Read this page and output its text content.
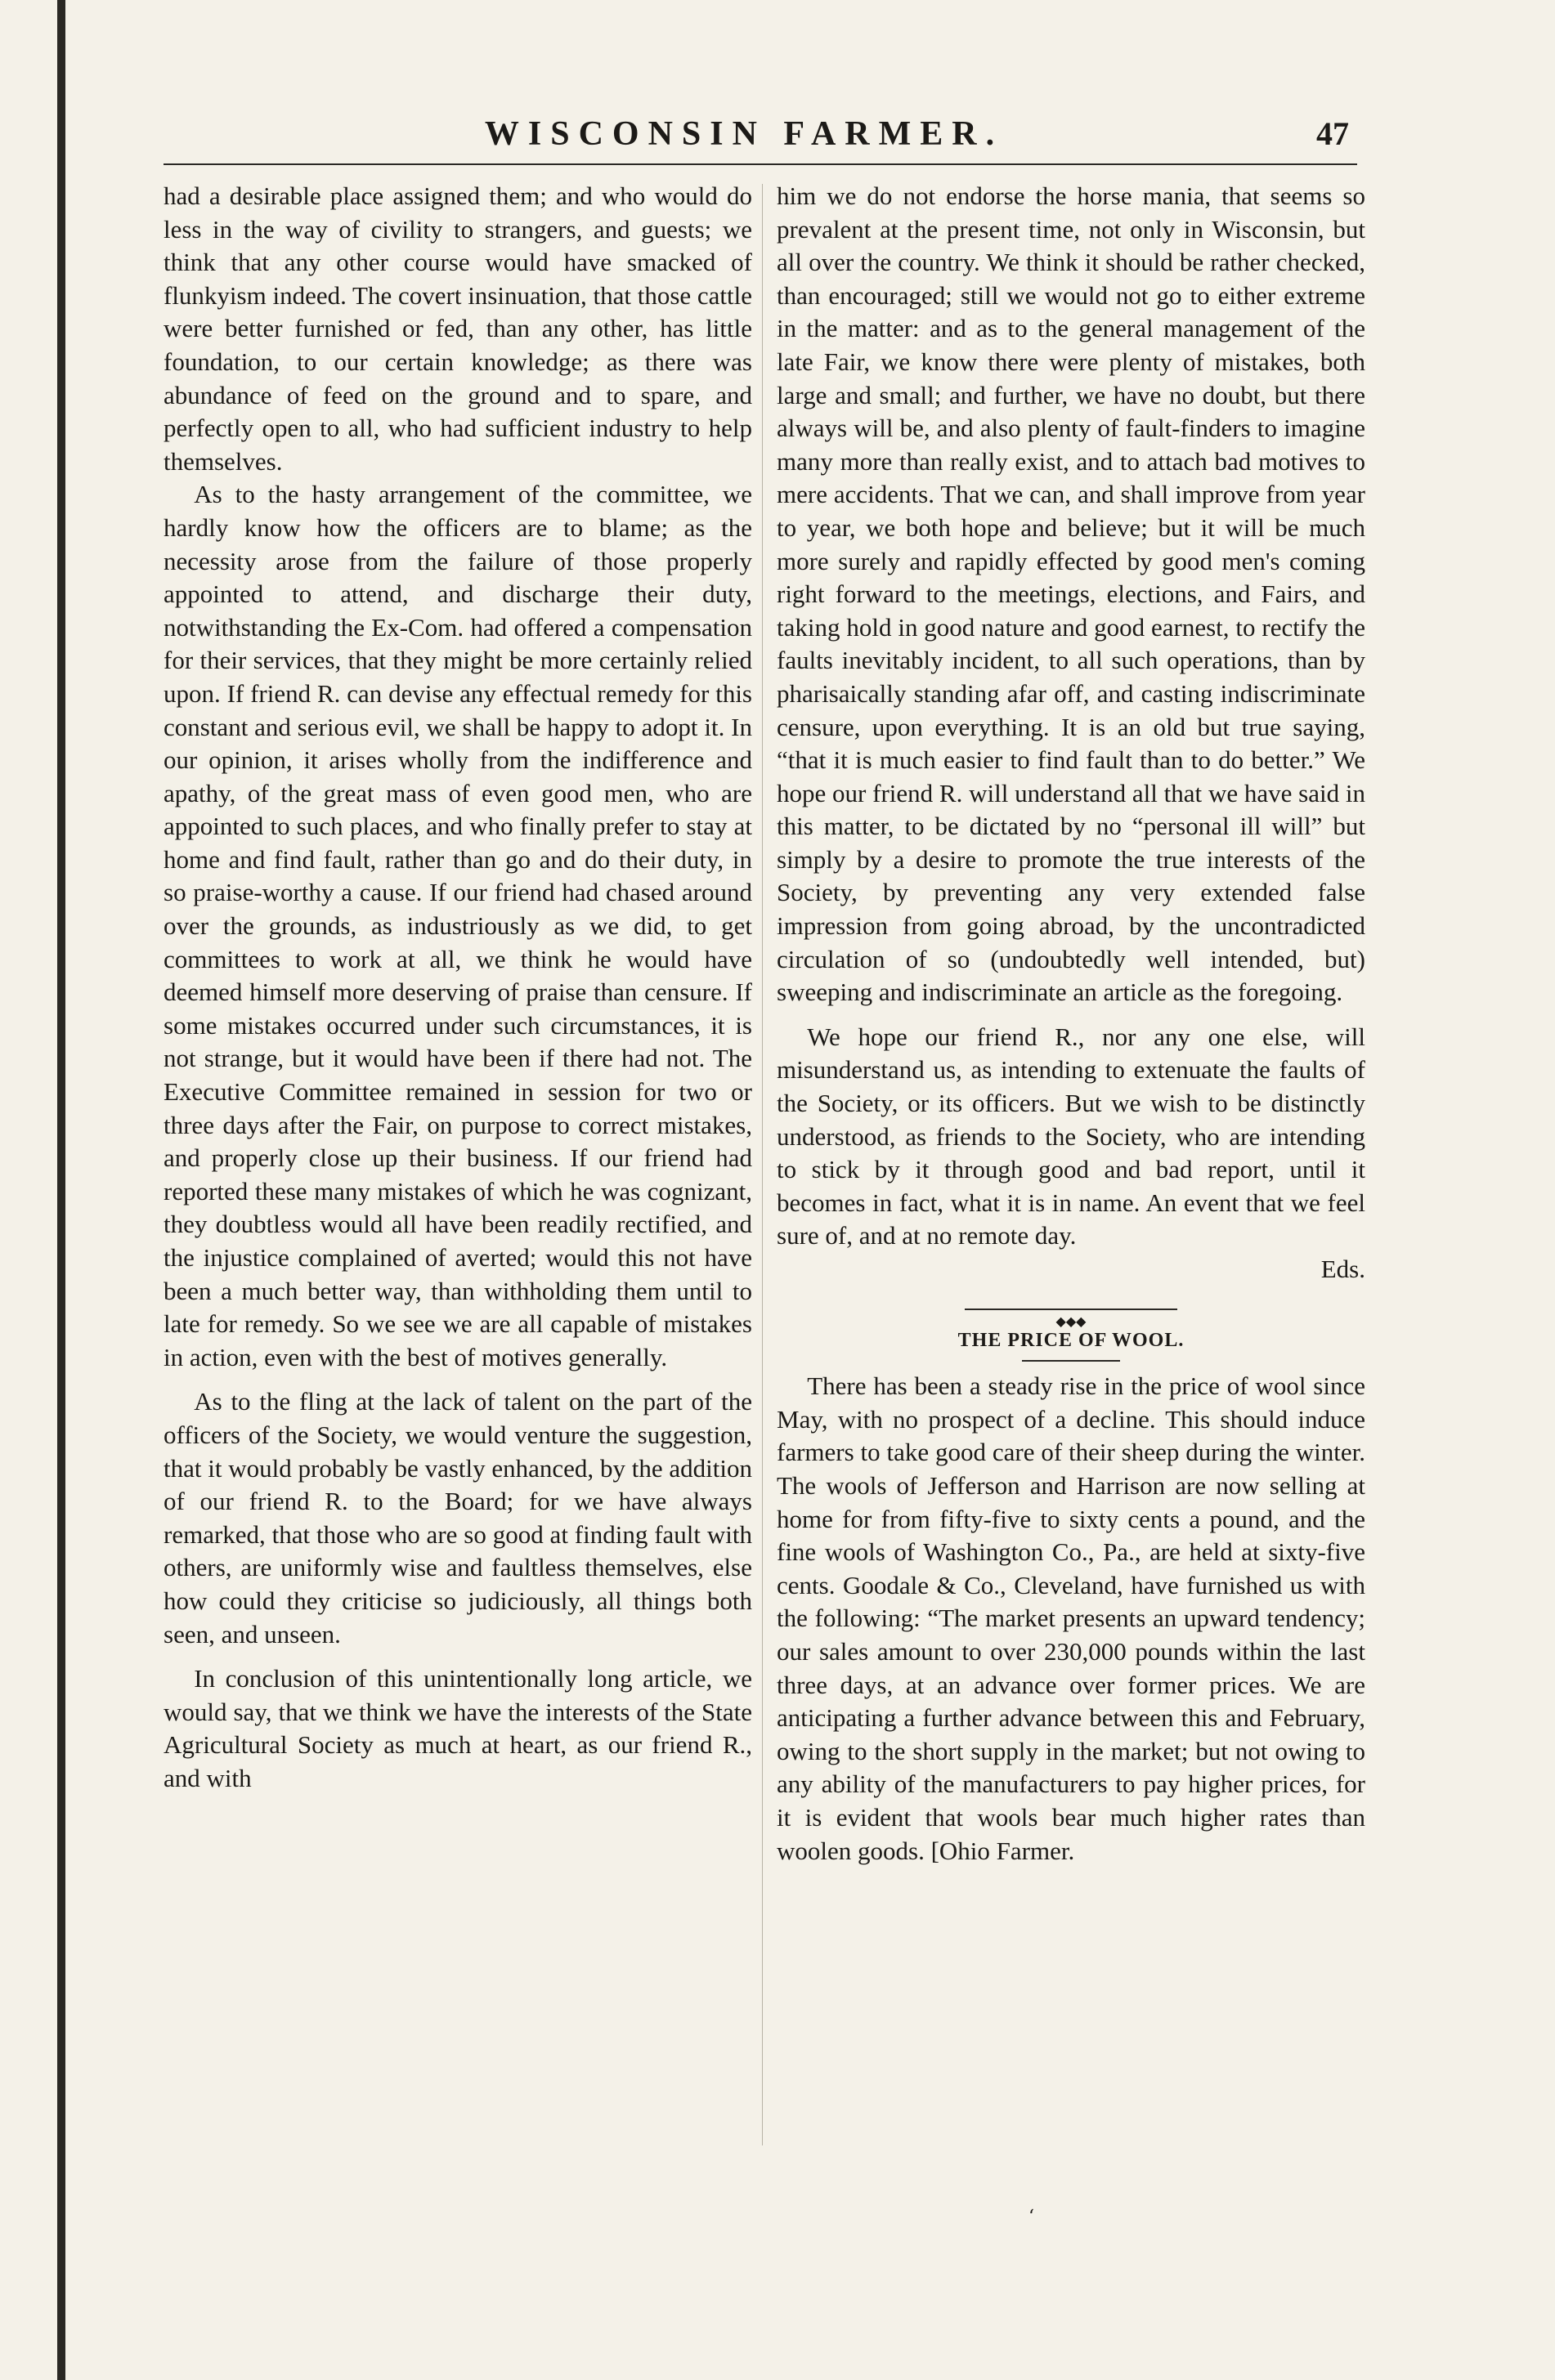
WISCONSIN FARMER.	47

had a desirable place assigned them; and who would do less in the way of civility to strangers, and guests; we think that any other course would have smacked of flunkyism indeed. The covert insinuation, that those cattle were better furnished or fed, than any other, has little foundation, to our certain knowledge; as there was abundance of feed on the ground and to spare, and perfectly open to all, who had sufficient industry to help themselves.

As to the hasty arrangement of the committee, we hardly know how the officers are to blame; as the necessity arose from the failure of those properly appointed to attend, and discharge their duty, notwithstanding the Ex-Com. had offered a compensation for their services, that they might be more certainly relied upon. If friend R. can devise any effectual remedy for this constant and serious evil, we shall be happy to adopt it. In our opinion, it arises wholly from the indifference and apathy, of the great mass of even good men, who are appointed to such places, and who finally prefer to stay at home and find fault, rather than go and do their duty, in so praise-worthy a cause. If our friend had chased around over the grounds, as industriously as we did, to get committees to work at all, we think he would have deemed himself more deserving of praise than censure. If some mistakes occurred under such circumstances, it is not strange, but it would have been if there had not. The Executive Committee remained in session for two or three days after the Fair, on purpose to correct mistakes, and properly close up their business. If our friend had reported these many mistakes of which he was cognizant, they doubtless would all have been readily rectified, and the injustice complained of averted; would this not have been a much better way, than withholding them until to late for remedy. So we see we are all capable of mistakes in action, even with the best of motives generally.

As to the fling at the lack of talent on the part of the officers of the Society, we would venture the suggestion, that it would probably be vastly enhanced, by the addition of our friend R. to the Board; for we have always remarked, that those who are so good at finding fault with others, are uniformly wise and faultless themselves, else how could they criticise so judiciously, all things both seen, and unseen.

In conclusion of this unintentionally long article, we would say, that we think we have the interests of the State Agricultural Society as much at heart, as our friend R., and with

him we do not endorse the horse mania, that seems so prevalent at the present time, not only in Wisconsin, but all over the country. We think it should be rather checked, than encouraged; still we would not go to either extreme in the matter: and as to the general management of the late Fair, we know there were plenty of mistakes, both large and small; and further, we have no doubt, but there always will be, and also plenty of fault-finders to imagine many more than really exist, and to attach bad motives to mere accidents. That we can, and shall improve from year to year, we both hope and believe; but it will be much more surely and rapidly effected by good men's coming right forward to the meetings, elections, and Fairs, and taking hold in good nature and good earnest, to rectify the faults inevitably incident, to all such operations, than by pharisaically standing afar off, and casting indiscriminate censure, upon everything. It is an old but true saying, “that it is much easier to find fault than to do better.” We hope our friend R. will understand all that we have said in this matter, to be dictated by no “personal ill will” but simply by a desire to promote the true interests of the Society, by preventing any very extended false impression from going abroad, by the uncontradicted circulation of so (undoubtedly well intended, but) sweeping and indiscriminate an article as the foregoing.

We hope our friend R., nor any one else, will misunderstand us, as intending to extenuate the faults of the Society, or its officers. But we wish to be distinctly understood, as friends to the Society, who are intending to stick by it through good and bad report, until it becomes in fact, what it is in name. An event that we feel sure of, and at no remote day.

Eds.
◆◆◆
THE PRICE OF WOOL.

There has been a steady rise in the price of wool since May, with no prospect of a decline. This should induce farmers to take good care of their sheep during the winter. The wools of Jefferson and Harrison are now selling at home for from fifty-five to sixty cents a pound, and the fine wools of Washington Co., Pa., are held at sixty-five cents. Goodale & Co., Cleveland, have furnished us with the following: “The market presents an upward tendency; our sales amount to over 230,000 pounds within the last three days, at an advance over former prices. We are anticipating a further advance between this and February, owing to the short supply in the market; but not owing to any ability of the manufacturers to pay higher prices, for it is evident that wools bear much higher rates than woolen goods. [Ohio Farmer.

‘
